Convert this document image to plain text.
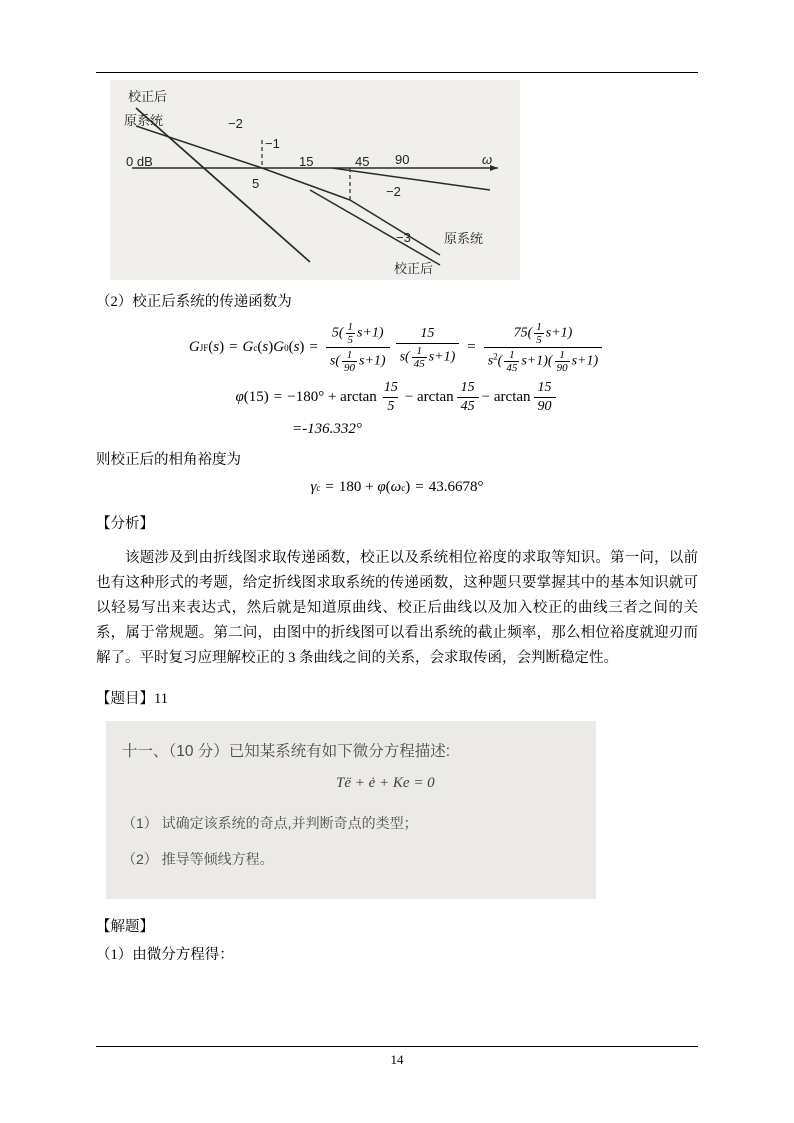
校正后
原系统	−2
−1
0 dB	15	45 90	ω
5
−2
−3	原系统
校正后

（2）校正后系统的传递函数为

G JF ( s ) = G c ( s ) G 0 ( s ) = $\frac{5( \frac{1}{5} s+1)}{s( \frac{1}{90} s+1)} \frac{15}{s( \frac{1}{45} s+1)} = \frac{75( \frac{1}{5} s+1)}{s^2( \frac{1}{45} s+1)( \frac{1}{90} s+1)}$
φ $(15) = -180^\circ + \arctan \frac{15}{5} - \arctan \frac{15}{45} - \arctan \frac{15}{90}$
=-136.332°

则校正后的相角裕度为

γ c = 180 +
φ ( ω c ) = 43.6678°

【分析】

该题涉及到由折线图求取传递函数，校正以及系统相位裕度的求取等知识。第一问，以前也有这种形式的考题，给定折线图求取系统的传递函数，这种题只要掌握其中的基本知识就可以轻易写出来表达式，然后就是知道原曲线、校正后曲线以及加入校正的曲线三者之间的关系，属于常规题。第二问，由图中的折线图可以看出系统的截止频率，那么相位裕度就迎刃而解了。平时复习应理解校正的 3 条曲线之间的关系，会求取传函，会判断稳定性。

【题目】11

十一、（10 分）已知某系统有如下微分方程描述:
Të + ė + Ke = 0
（1） 试确定该系统的奇点,并判断奇点的类型；
（2） 推导等倾线方程。

【解题】

（1）由微分方程得：

14
